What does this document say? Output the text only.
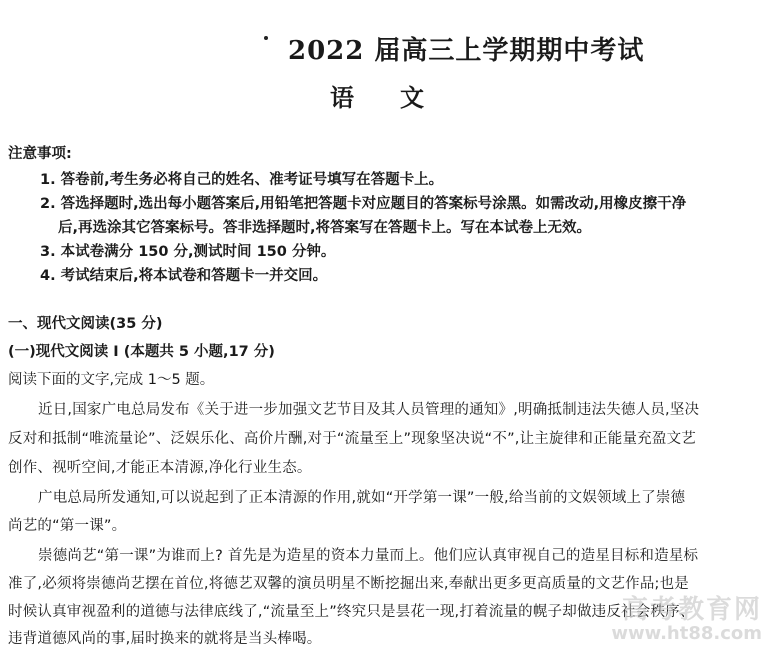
2022 届高三上学期期中考试
语文
注意事项:
1. 答卷前,考生务必将自己的姓名、准考证号填写在答题卡上。
2. 答选择题时,选出每小题答案后,用铅笔把答题卡对应题目的答案标号涂黑。如需改动,用橡皮擦干净
后,再选涂其它答案标号。答非选择题时,将答案写在答题卡上。写在本试卷上无效。
3. 本试卷满分 150 分,测试时间 150 分钟。
4. 考试结束后,将本试卷和答题卡一并交回。
一、现代文阅读(35 分)
(一)现代文阅读 I (本题共 5 小题,17 分)
阅读下面的文字,完成 1～5 题。
近日,国家广电总局发布《关于进一步加强文艺节目及其人员管理的通知》,明确抵制违法失德人员,坚决
反对和抵制“唯流量论”、泛娱乐化、高价片酬,对于“流量至上”现象坚决说“不”,让主旋律和正能量充盈文艺
创作、视听空间,才能正本清源,净化行业生态。
广电总局所发通知,可以说起到了正本清源的作用,就如“开学第一课”一般,给当前的文娱领域上了崇德
尚艺的“第一课”。
崇德尚艺“第一课”为谁而上? 首先是为造星的资本力量而上。他们应认真审视自己的造星目标和造星标
准了,必须将崇德尚艺摆在首位,将德艺双馨的演员明星不断挖掘出来,奉献出更多更高质量的文艺作品;也是
时候认真审视盈利的道德与法律底线了,“流量至上”终究只是昙花一现,打着流量的幌子却做违反社会秩序、
违背道德风尚的事,届时换来的就将是当头棒喝。
高考教育网
www.ht88.com
